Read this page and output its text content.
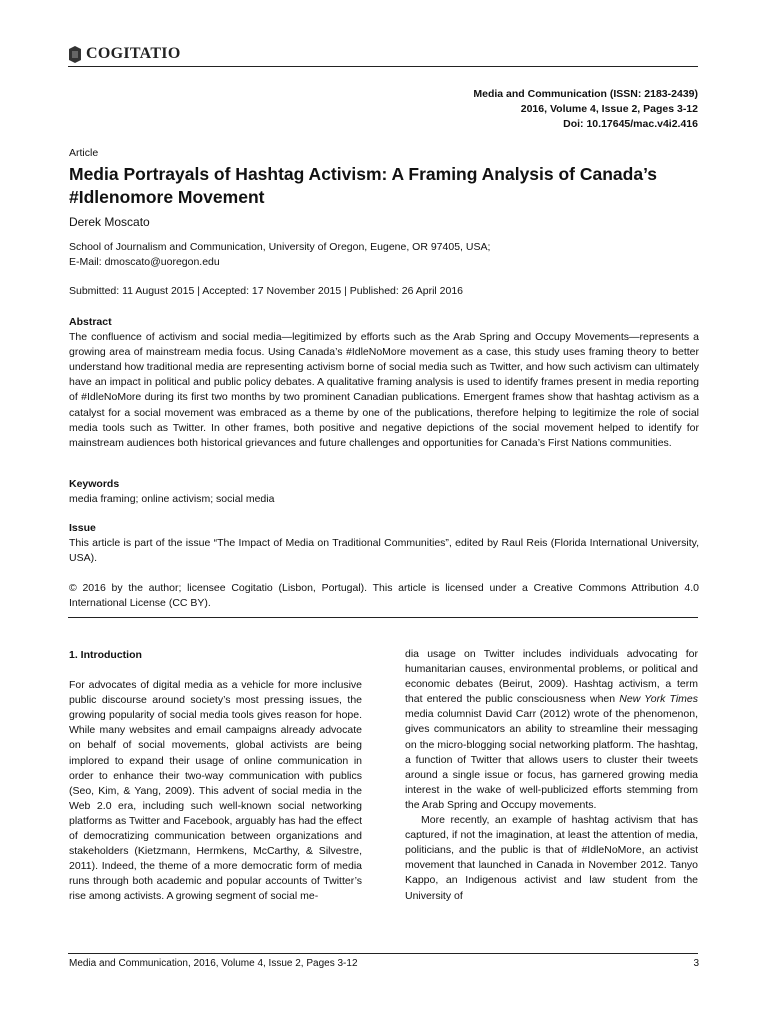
COGITATIO
Media and Communication (ISSN: 2183-2439)
2016, Volume 4, Issue 2, Pages 3-12
Doi: 10.17645/mac.v4i2.416
Article
Media Portrayals of Hashtag Activism: A Framing Analysis of Canada’s #Idlenomore Movement
Derek Moscato
School of Journalism and Communication, University of Oregon, Eugene, OR 97405, USA;
E-Mail: dmoscato@uoregon.edu
Submitted: 11 August 2015 | Accepted: 17 November 2015 | Published: 26 April 2016
Abstract
The confluence of activism and social media—legitimized by efforts such as the Arab Spring and Occupy Movements—represents a growing area of mainstream media focus. Using Canada’s #IdleNoMore movement as a case, this study uses framing theory to better understand how traditional media are representing activism borne of social media such as Twitter, and how such activism can ultimately have an impact in political and public policy debates. A qualitative framing analysis is used to identify frames present in media reporting of #IdleNoMore during its first two months by two prominent Canadian publications. Emergent frames show that hashtag activism as a catalyst for a social movement was embraced as a theme by one of the publications, therefore helping to legitimize the role of social media tools such as Twitter. In other frames, both positive and negative depictions of the social movement helped to identify for mainstream audiences both historical grievances and future challenges and opportunities for Canada’s First Nations communities.
Keywords
media framing; online activism; social media
Issue
This article is part of the issue “The Impact of Media on Traditional Communities”, edited by Raul Reis (Florida International University, USA).
© 2016 by the author; licensee Cogitatio (Lisbon, Portugal). This article is licensed under a Creative Commons Attribution 4.0 International License (CC BY).
1. Introduction

For advocates of digital media as a vehicle for more inclusive public discourse around society’s most pressing issues, the growing popularity of social media tools gives reason for hope. While many websites and email campaigns already advocate on behalf of social movements, global activists are being implored to expand their usage of online communication in order to enhance their two-way communication with publics (Seo, Kim, & Yang, 2009). This advent of social media in the Web 2.0 era, including such well-known social networking platforms as Twitter and Facebook, arguably has had the effect of democratizing communication between organizations and stakeholders (Kietzmann, Hermkens, McCarthy, & Silvestre, 2011). Indeed, the theme of a more democratic form of media runs through both academic and popular accounts of Twitter’s rise among activists. A growing segment of social me-

dia usage on Twitter includes individuals advocating for humanitarian causes, environmental problems, or political and economic debates (Beirut, 2009). Hashtag activism, a term that entered the public consciousness when New York Times media columnist David Carr (2012) wrote of the phenomenon, gives communicators an ability to streamline their messaging on the micro-blogging social networking platform. The hashtag, a function of Twitter that allows users to cluster their tweets around a single issue or focus, has garnered growing media interest in the wake of well-publicized efforts stemming from the Arab Spring and Occupy movements.

More recently, an example of hashtag activism that has captured, if not the imagination, at least the attention of media, politicians, and the public is that of #IdleNoMore, an activist movement that launched in Canada in November 2012. Tanyo Kappo, an Indigenous activist and law student from the University of

Media and Communication, 2016, Volume 4, Issue 2, Pages 3-12	3
